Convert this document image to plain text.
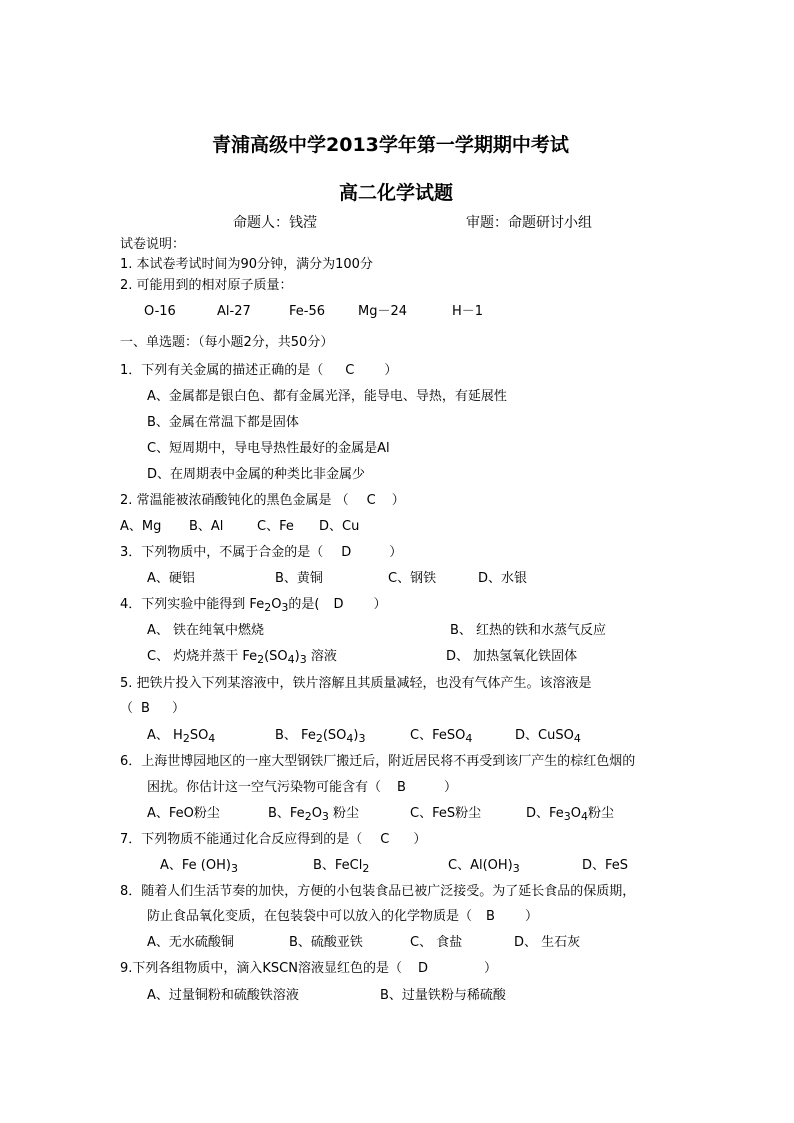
青浦高级中学2013学年第一学期期中考试
高二化学试题
命题人：钱滢	审题：命题研讨小组
试卷说明：
1. 本试卷考试时间为90分钟，满分为100分
2. 可能用到的相对原子质量：
O-16	Al-27	Fe-56	Mg－24	H－1
一、单选题：（每小题2分，共50分）
1．下列有关金属的描述正确的是（ C ）
A、金属都是银白色、都有金属光泽，能导电、导热，有延展性
B、金属在常温下都是固体
C、短周期中，导电导热性最好的金属是Al
D、在周期表中金属的种类比非金属少
2. 常温能被浓硝酸钝化的黑色金属是 （ C ）
A、Mg B、Al	C、Fe D、Cu
3．下列物质中，不属于合金的是（ D	）
A、硬铝	B、黄铜	C、钢铁	D、水银
4．下列实验中能得到 $Fe_2O_3$的是( D ）
A、 铁在纯氧中燃烧	B、 红热的铁和水蒸气反应
C、 灼烧并蒸干 $Fe_2(SO_4)_3$ 溶液	D、 加热氢氧化铁固体
5. 把铁片投入下列某溶液中，铁片溶解且其质量减轻，也没有气体产生。该溶液是
（ B ）
A、 $H_2SO_4$	B、 $Fe_2(SO_4)_3$	C、FeSO$_4$	D、CuSO$_4$
6．上海世博园地区的一座大型钢铁厂搬迁后，附近居民将不再受到该厂产生的棕红色烟的
困扰。你估计这一空气污染物可能含有（ B	）
A、FeO粉尘	B、$Fe_2O_3$ 粉尘	C、FeS粉尘	D、$Fe_3O_4$粉尘
7．下列物质不能通过化合反应得到的是（ C ）
A、Fe $(OH)_3$	B、FeCl$_2$	C、$Al(OH)_3$	D、FeS
8．随着人们生活节奏的加快，方便的小包装食品已被广泛接受。为了延长食品的保质期，
防止食品氧化变质，在包装袋中可以放入的化学物质是（ B ）
A、无水硫酸铜	B、硫酸亚铁	C、 食盐	D、 生石灰
9.下列各组物质中，滴入KSCN溶液显红色的是（ D	）
A、过量铜粉和硫酸铁溶液	B、过量铁粉与稀硫酸
